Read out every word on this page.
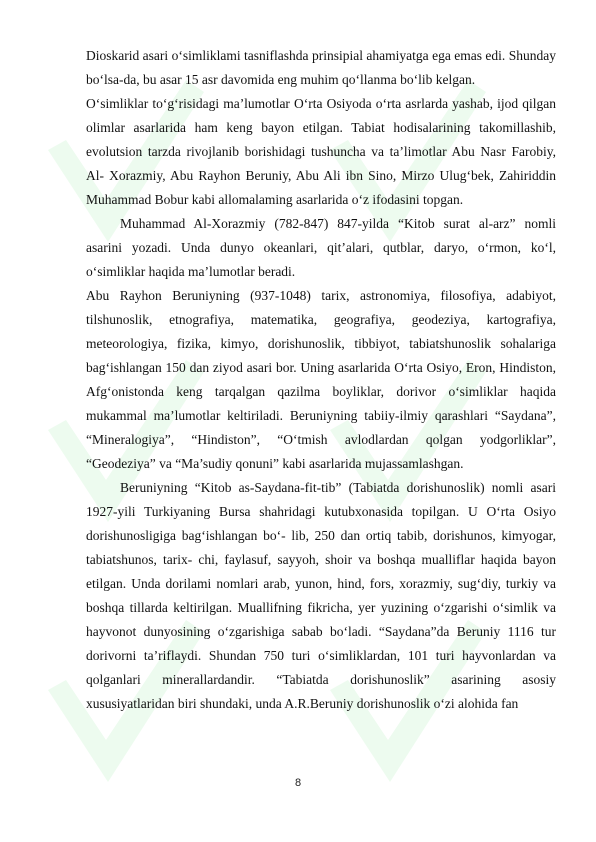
Dioskarid asari o‘simliklami tasniflashda prinsipial ahamiyatga ega emas edi. Shunday bo‘lsa-da, bu asar 15 asr davomida eng muhim qo‘llanma bo‘lib kelgan.

O‘simliklar to‘g‘risidagi ma’lumotlar O‘rta Osiyoda o‘rta asrlarda yashab, ijod qilgan olimlar asarlarida ham keng bayon etilgan. Tabiat hodisalarining takomillashib, evolutsion tarzda rivojlanib borishidagi tushuncha va ta’limotlar Abu Nasr Farobiy, Al- Xorazmiy, Abu Rayhon Beruniy, Abu Ali ibn Sino, Mirzo Ulug‘bek, Zahiriddin Muhammad Bobur kabi allomalaming asarlarida o‘z ifodasini topgan.

Muhammad Al-Xorazmiy (782-847) 847-yilda “Kitob surat al-arz” nomli asarini yozadi. Unda dunyo okeanlari, qit’alari, qutblar, daryo, o‘rmon, ko‘l, o‘simliklar haqida ma’lumotlar beradi.

Abu Rayhon Beruniyning (937-1048) tarix, astronomiya, filosofiya, adabiyot, tilshunoslik, etnografiya, matematika, geografiya, geodeziya, kartografiya, meteorologiya, fizika, kimyo, dorishunoslik, tibbiyot, tabiatshunoslik sohalariga bag‘ishlangan 150 dan ziyod asari bor. Uning asarlarida O‘rta Osiyo, Eron, Hindiston, Afg‘onistonda keng tarqalgan qazilma boyliklar, dorivor o‘simliklar haqida mukammal ma’lumotlar keltiriladi. Beruniyning tabiiy-ilmiy qarashlari “Saydana”, “Mineralogiya”, “Hindiston”, “O‘tmish avlodlardan qolgan yodgorliklar”, “Geodeziya” va “Ma’sudiy qonuni” kabi asarlarida mujassamlashgan.

Beruniyning “Kitob as-Saydana-fit-tib” (Tabiatda dorishunoslik) nomli asari 1927-yili Turkiyaning Bursa shahridagi kutubxonasida topilgan. U O‘rta Osiyo dorishunosligiga bag‘ishlangan bo‘- lib, 250 dan ortiq tabib, dorishunos, kimyogar, tabiatshunos, tarix- chi, faylasuf, sayyoh, shoir va boshqa mualliflar haqida bayon etilgan. Unda dorilami nomlari arab, yunon, hind, fors, xorazmiy, sug‘diy, turkiy va boshqa tillarda keltirilgan. Muallifning fikricha, yer yuzining o‘zgarishi o‘simlik va hayvonot dunyosining o‘zgarishiga sabab bo‘ladi. “Saydana”da Beruniy 1116 tur dorivorni ta’riflaydi. Shundan 750 turi o‘simliklardan, 101 turi hayvonlardan va qolganlari minerallardandir. “Tabiatda dorishunoslik” asarining asosiy xususiyatlaridan biri shundaki, unda A.R.Beruniy dorishunoslik o‘zi alohida fan

8
